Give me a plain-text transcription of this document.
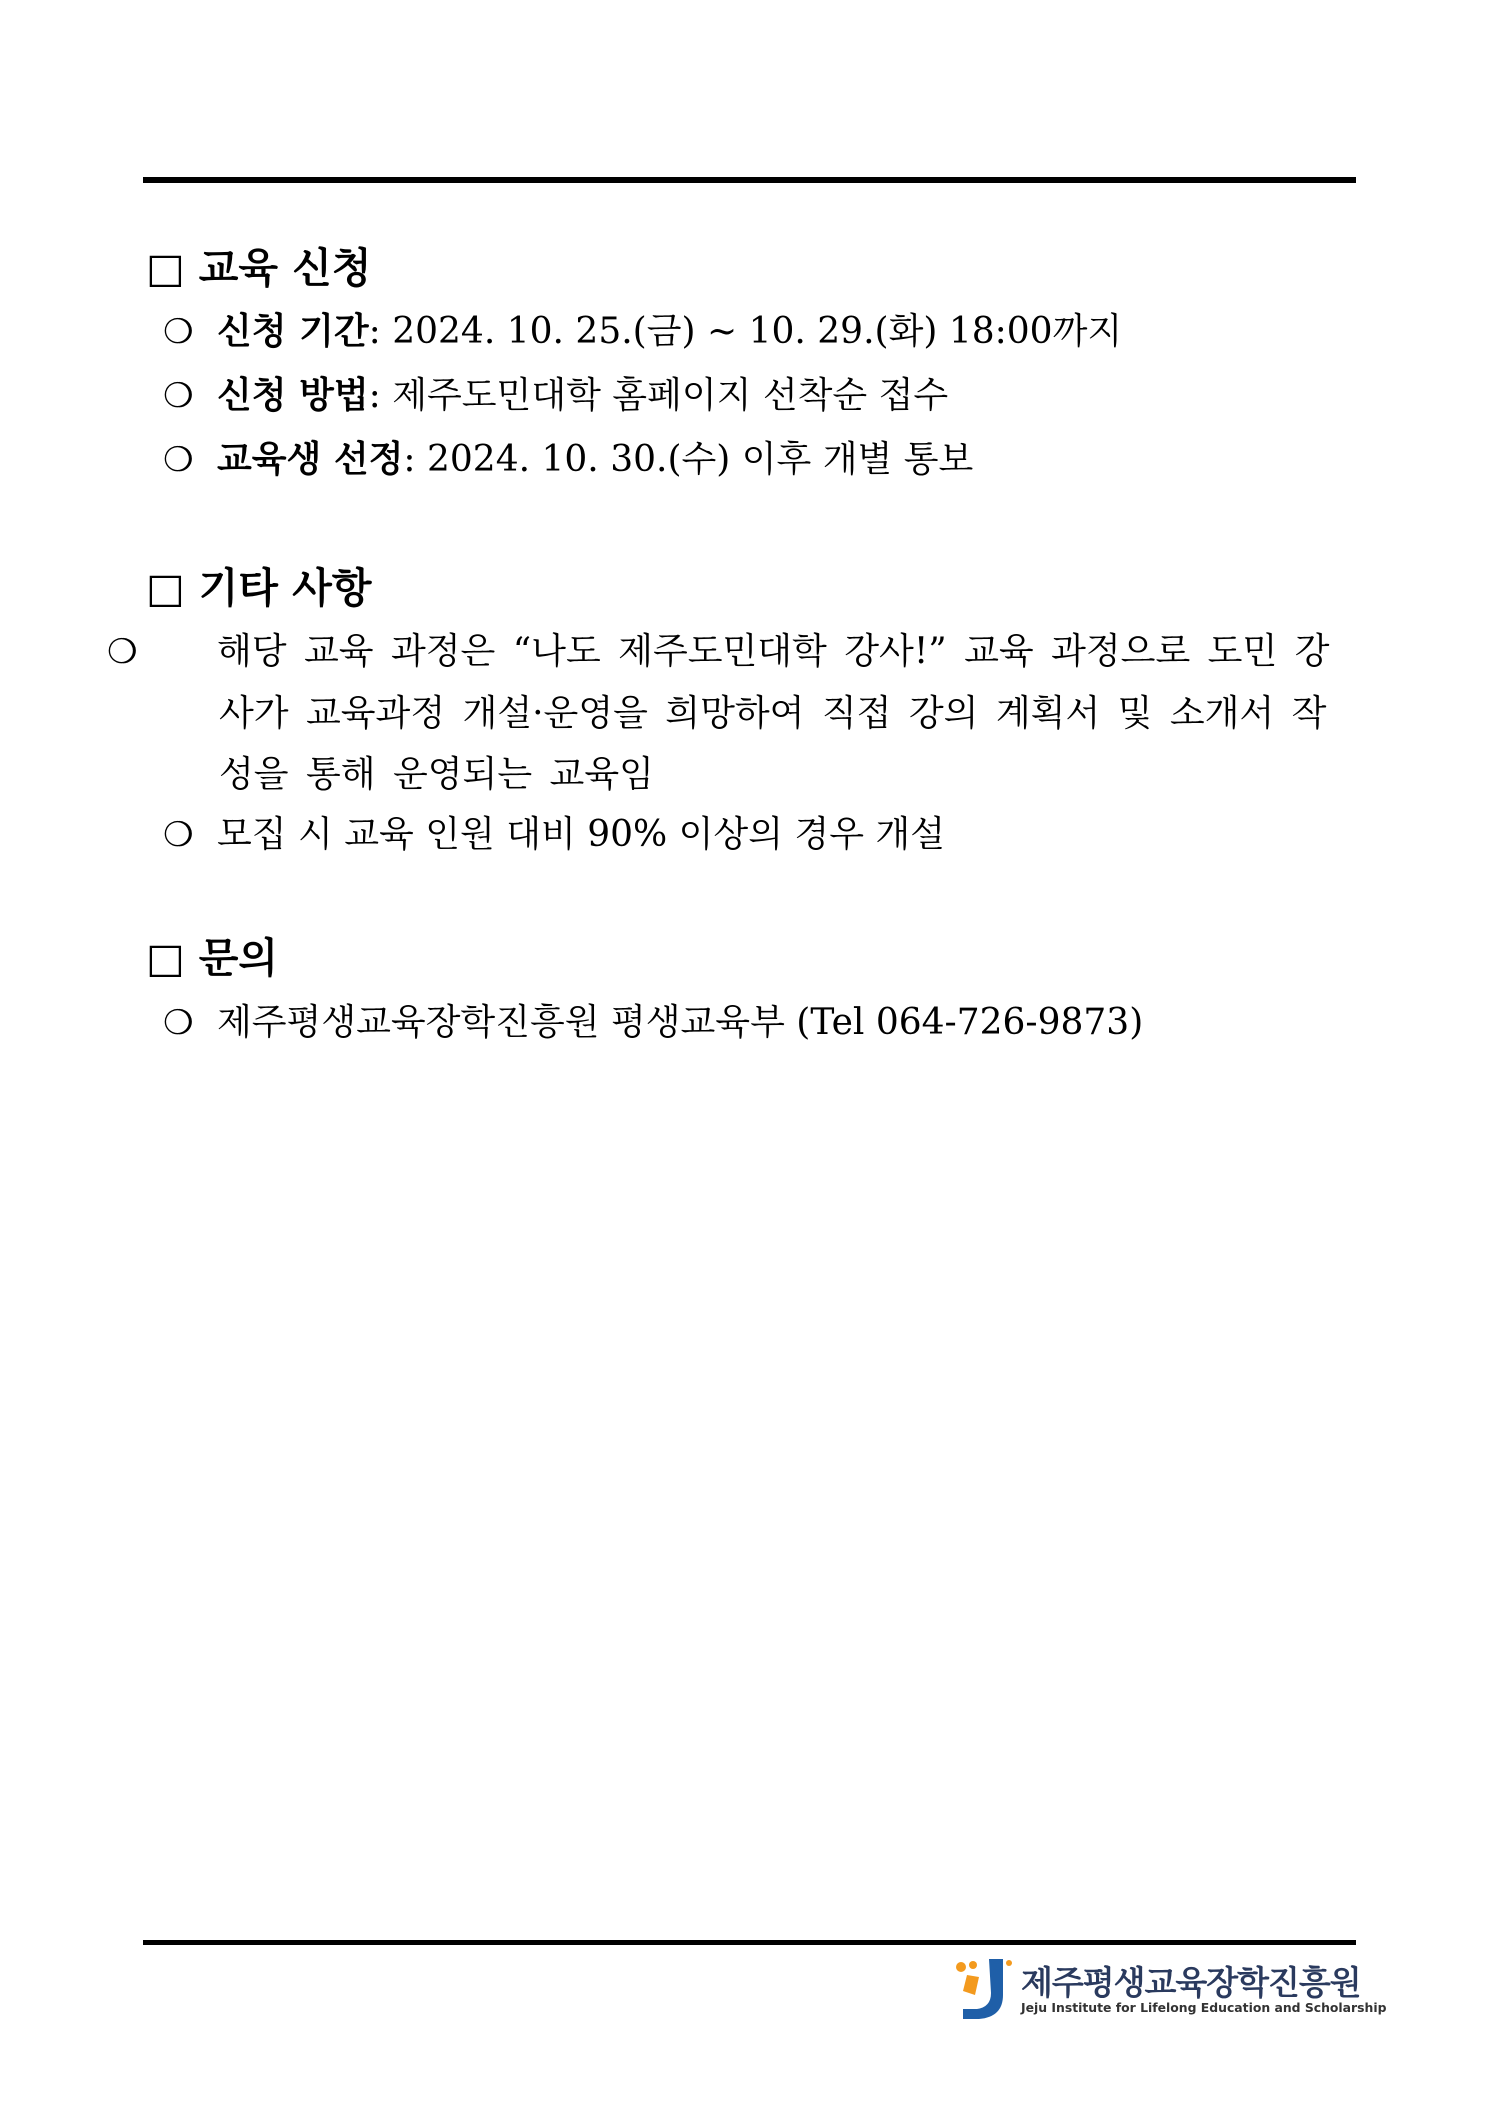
□ 교육 신청
❍ 신청 기간: 2024. 10. 25.(금) ~ 10. 29.(화) 18:00까지
❍ 신청 방법: 제주도민대학 홈페이지 선착순 접수
❍ 교육생 선정: 2024. 10. 30.(수) 이후 개별 통보
□ 기타 사항
❍ 해당 교육 과정은 “나도 제주도민대학 강사!” 교육 과정으로 도민 강사가 교육과정 개설·운영을 희망하여 직접 강의 계획서 및 소개서 작성을 통해 운영되는 교육임
❍ 모집 시 교육 인원 대비 90% 이상의 경우 개설
□ 문의
❍ 제주평생교육장학진흥원 평생교육부 (Tel 064-726-9873)
제주평생교육장학진흥원
Jeju Institute for Lifelong Education and Scholarship
